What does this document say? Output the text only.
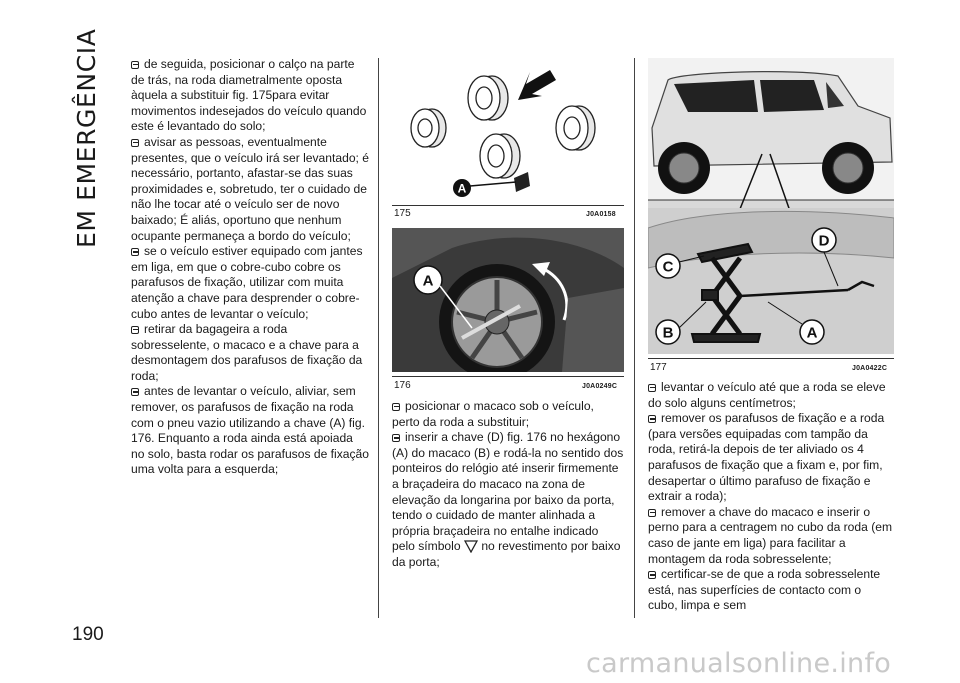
EM EMERGÊNCIA	de seguida, posicionar o calço na parte de trás, na roda diametralmente oposta àquela a substituir fig. 175para evitar movimentos indesejados do veículo quando este é levantado do solo;

avisar as pessoas, eventualmente presentes, que o veículo irá ser levantado; é necessário, portanto, afastar-se das suas proximidades e, sobretudo, ter o cuidado de não lhe tocar até o veículo ser de novo baixado; É aliás, oportuno que nenhum ocupante permaneça a bordo do veículo;

se o veículo estiver equipado com jantes em liga, em que o cobre-cubo cobre os parafusos de fixação, utilizar com muita atenção a chave para desprender o cobre-cubo antes de levantar o veículo;

retirar da bagageira a roda sobresselente, o macaco e a chave para a desmontagem dos parafusos de fixação da roda;

antes de levantar o veículo, aliviar, sem remover, os parafusos de fixação na roda com o pneu vazio utilizando a chave (A) fig. 176. Enquanto a roda ainda está apoiada no solo, basta rodar os parafusos de fixação uma volta para a esquerda;

A
175	J0A0158
A
176	J0A0249C

posicionar o macaco sob o veículo, perto da roda a substituir;

inserir a chave (D) fig. 176 no hexágono (A) do macaco (B) e rodá-la no sentido dos ponteiros do relógio até inserir firmemente a braçadeira do macaco na zona de elevação da longarina por baixo da porta, tendo o cuidado de manter alinhada a própria braçadeira no entalhe indicado pelo símbolo no revestimento por baixo da porta;

C
D
B	A
177	J0A0422C

levantar o veículo até que a roda se eleve do solo alguns centímetros;

remover os parafusos de fixação e a roda (para versões equipadas com tampão da roda, retirá-la depois de ter aliviado os 4 parafusos de fixação que a fixam e, por fim, desapertar o último parafuso de fixação e extrair a roda);

remover a chave do macaco e inserir o perno para a centragem no cubo da roda (em caso de jante em liga) para facilitar a montagem da roda sobresselente;

certificar-se de que a roda sobresselente está, nas superfícies de contacto com o cubo, limpa e sem

190
carmanualsonline.info
